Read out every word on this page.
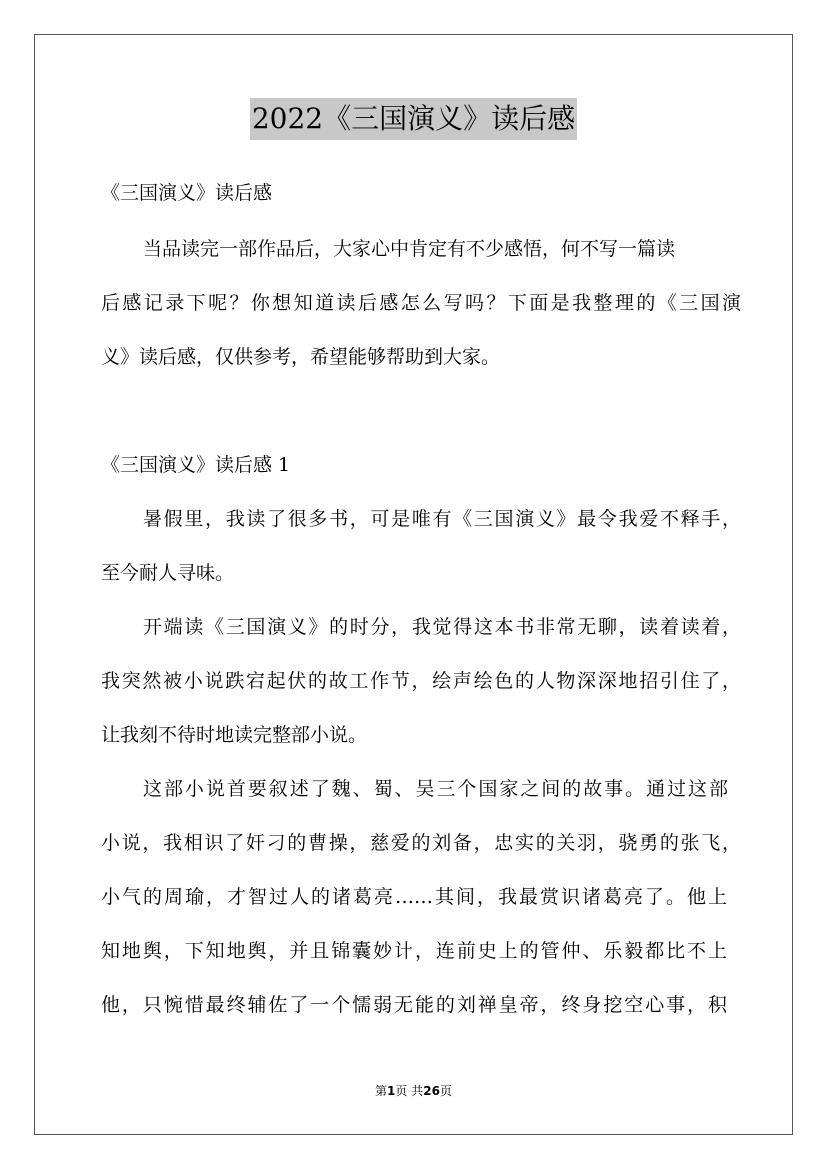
2022《三国演义》读后感
《三国演义》读后感
当品读完一部作品后，大家心中肯定有不少感悟，何不写一篇读
后感记录下呢？你想知道读后感怎么写吗？下面是我整理的《三国演
义》读后感，仅供参考，希望能够帮助到大家。
《三国演义》读后感 1
暑假里，我读了很多书，可是唯有《三国演义》最令我爱不释手，
至今耐人寻味。
开端读《三国演义》的时分，我觉得这本书非常无聊，读着读着，
我突然被小说跌宕起伏的故工作节，绘声绘色的人物深深地招引住了，
让我刻不待时地读完整部小说。
这部小说首要叙述了魏、蜀、吴三个国家之间的故事。通过这部
小说，我相识了奸刁的曹操，慈爱的刘备，忠实的关羽，骁勇的张飞，
小气的周瑜，才智过人的诸葛亮……其间，我最赏识诸葛亮了。他上
知地舆，下知地舆，并且锦囊妙计，连前史上的管仲、乐毅都比不上
他，只惋惜最终辅佐了一个懦弱无能的刘禅皇帝，终身挖空心事，积
第1页 共26页
